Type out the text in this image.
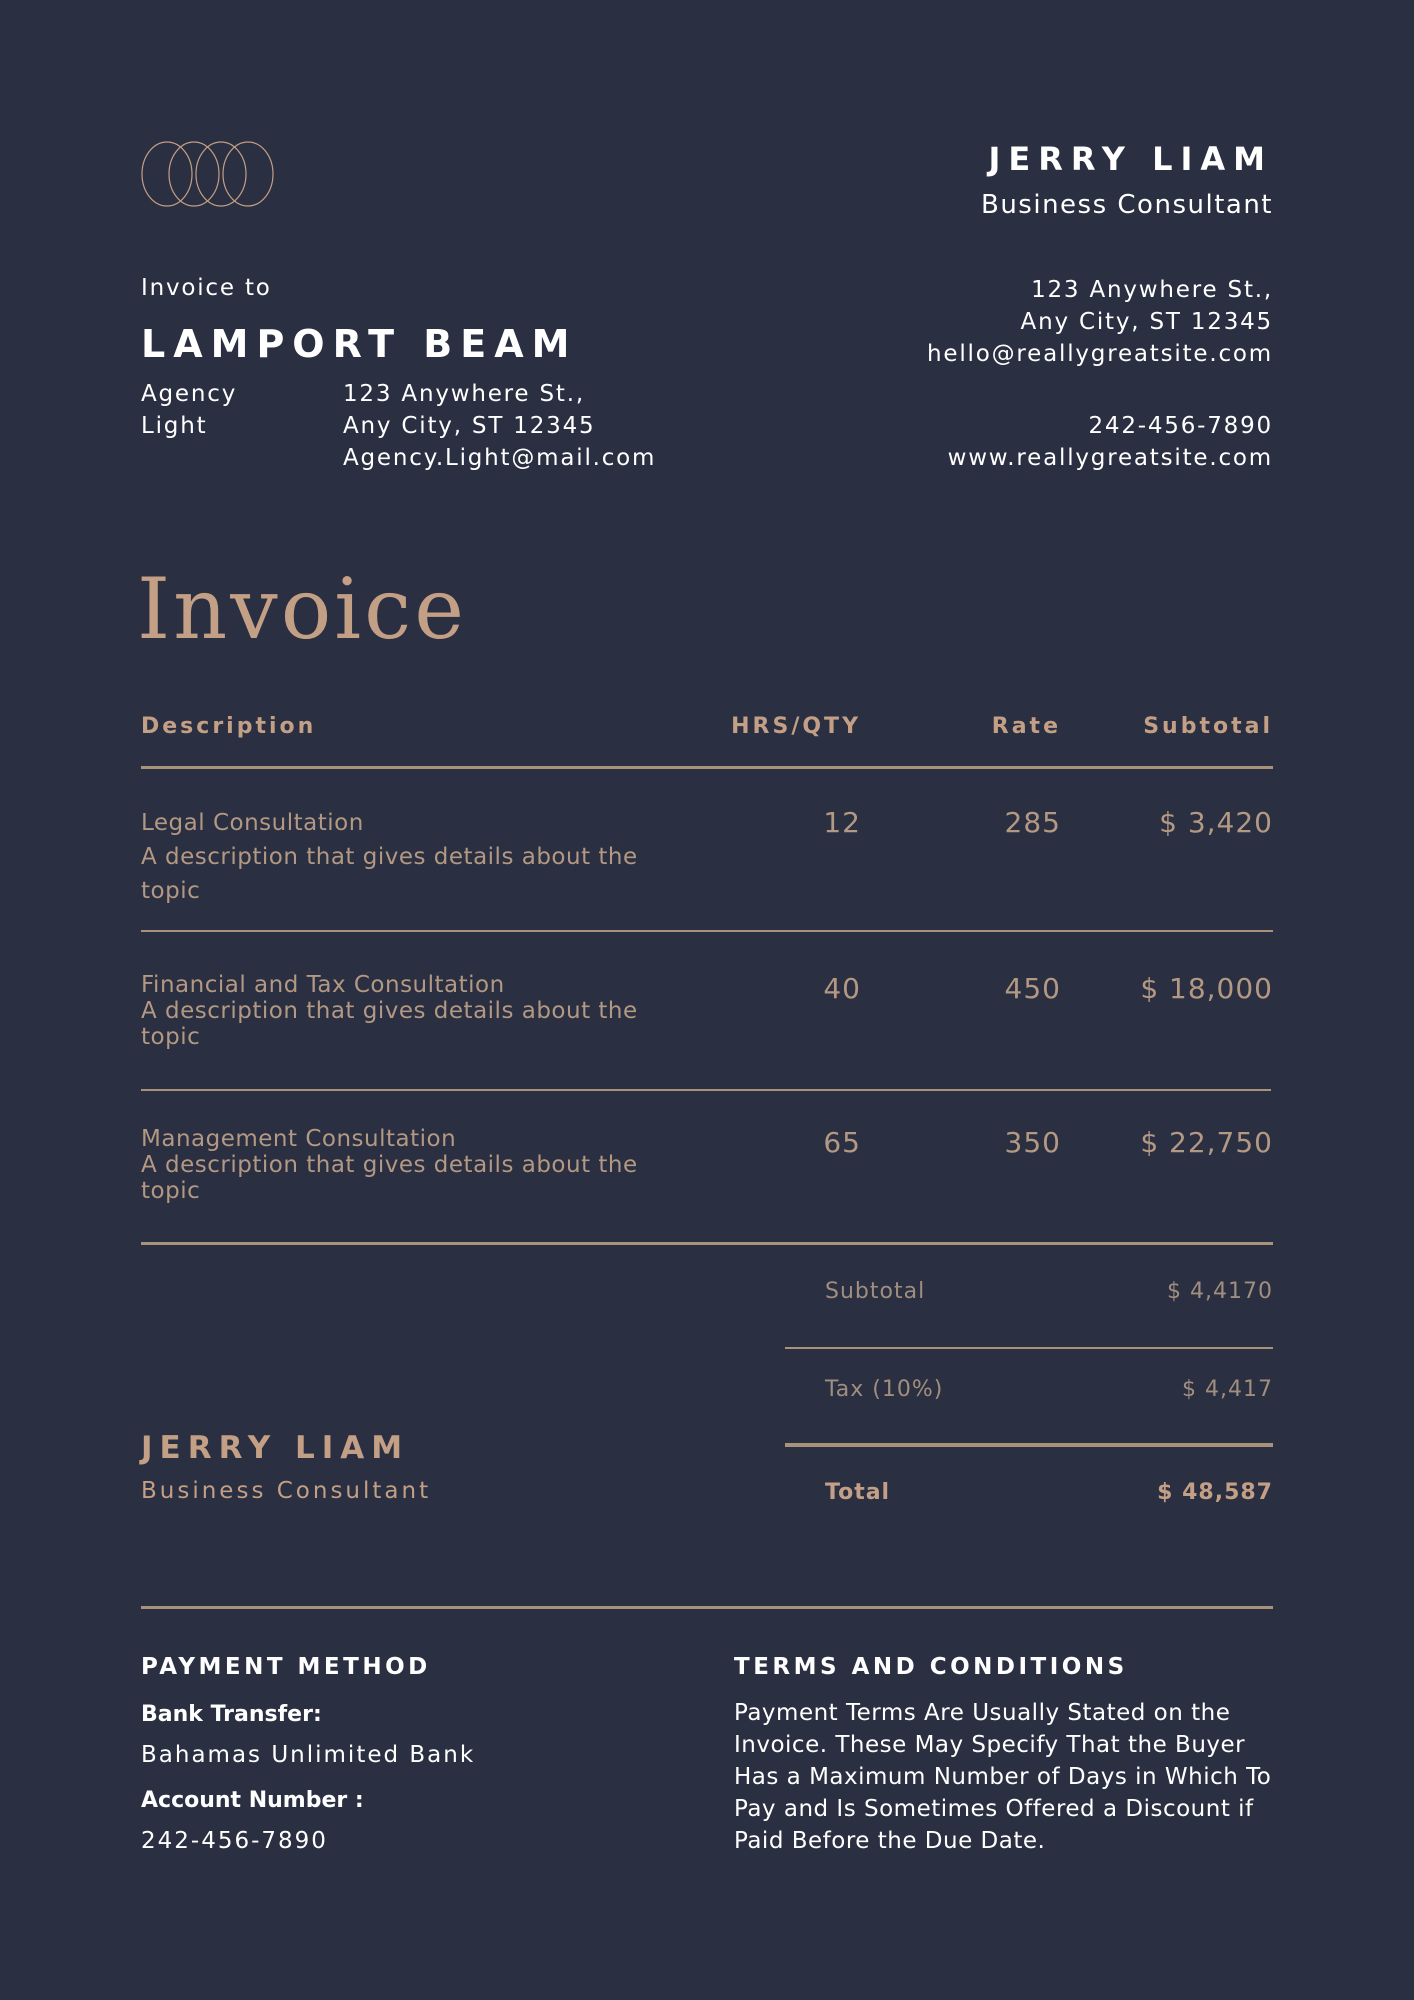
JERRY LIAM
Business Consultant
123 Anywhere St.,
Any City, ST 12345
hello@reallygreatsite.com
242-456-7890
www.reallygreatsite.com
Invoice to
LAMPORT BEAM
Agency
Light
123 Anywhere St.,
Any City, ST 12345
Agency.Light@mail.com
Invoice
Description	HRS/QTY	Rate	Subtotal
Legal Consultation
A description that gives details about the topic
12	285	$ 3,420
Financial and Tax Consultation
A description that gives details about the topic
40	450	$ 18,000
Management Consultation
A description that gives details about the topic
65	350	$ 22,750
Subtotal	$ 4,4170
Tax (10%)	$ 4,417
Total	$ 48,587
JERRY LIAM
Business Consultant
PAYMENT METHOD
Bank Transfer:
Bahamas Unlimited Bank
Account Number :
242-456-7890
TERMS AND CONDITIONS
Payment Terms Are Usually Stated on the Invoice. These May Specify That the Buyer Has a Maximum Number of Days in Which To Pay and Is Sometimes Offered a Discount if Paid Before the Due Date.
